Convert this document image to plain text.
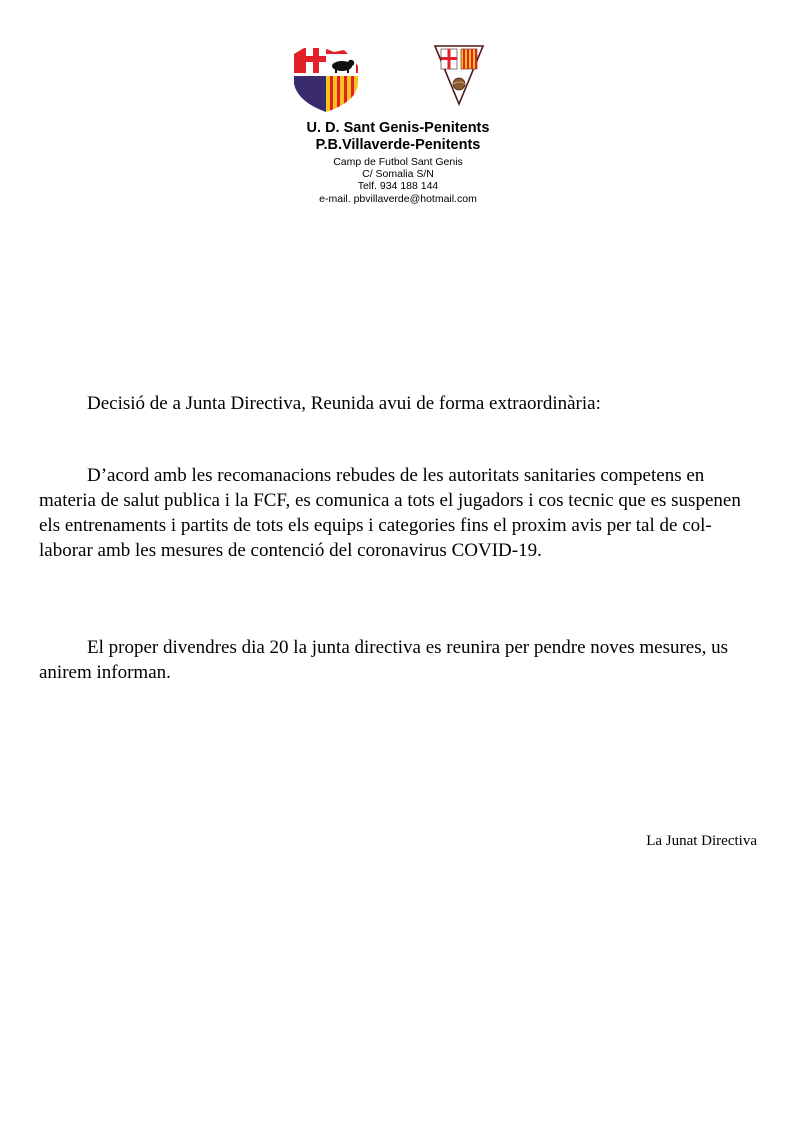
U. D. Sant Genis-Penitents
P.B.Villaverde-Penitents
Camp de Futbol Sant Genis
C/ Somalia S/N
Telf. 934 188 144
e-mail. pbvillaverde@hotmail.com

Decisió de a Junta Directiva, Reunida avui de forma extraordinària:

D’acord amb les recomanacions rebudes de les autoritats sanitaries competens en materia de salut publica i la FCF, es comunica a tots el jugadors i cos tecnic que es suspenen els entrenaments i partits de tots els equips i categories fins el proxim avis per tal de col-laborar amb les mesures de contenció del coronavirus COVID-19.

El proper divendres dia 20 la junta directiva es reunira per pendre noves mesures, us anirem informan.

La Junat Directiva
